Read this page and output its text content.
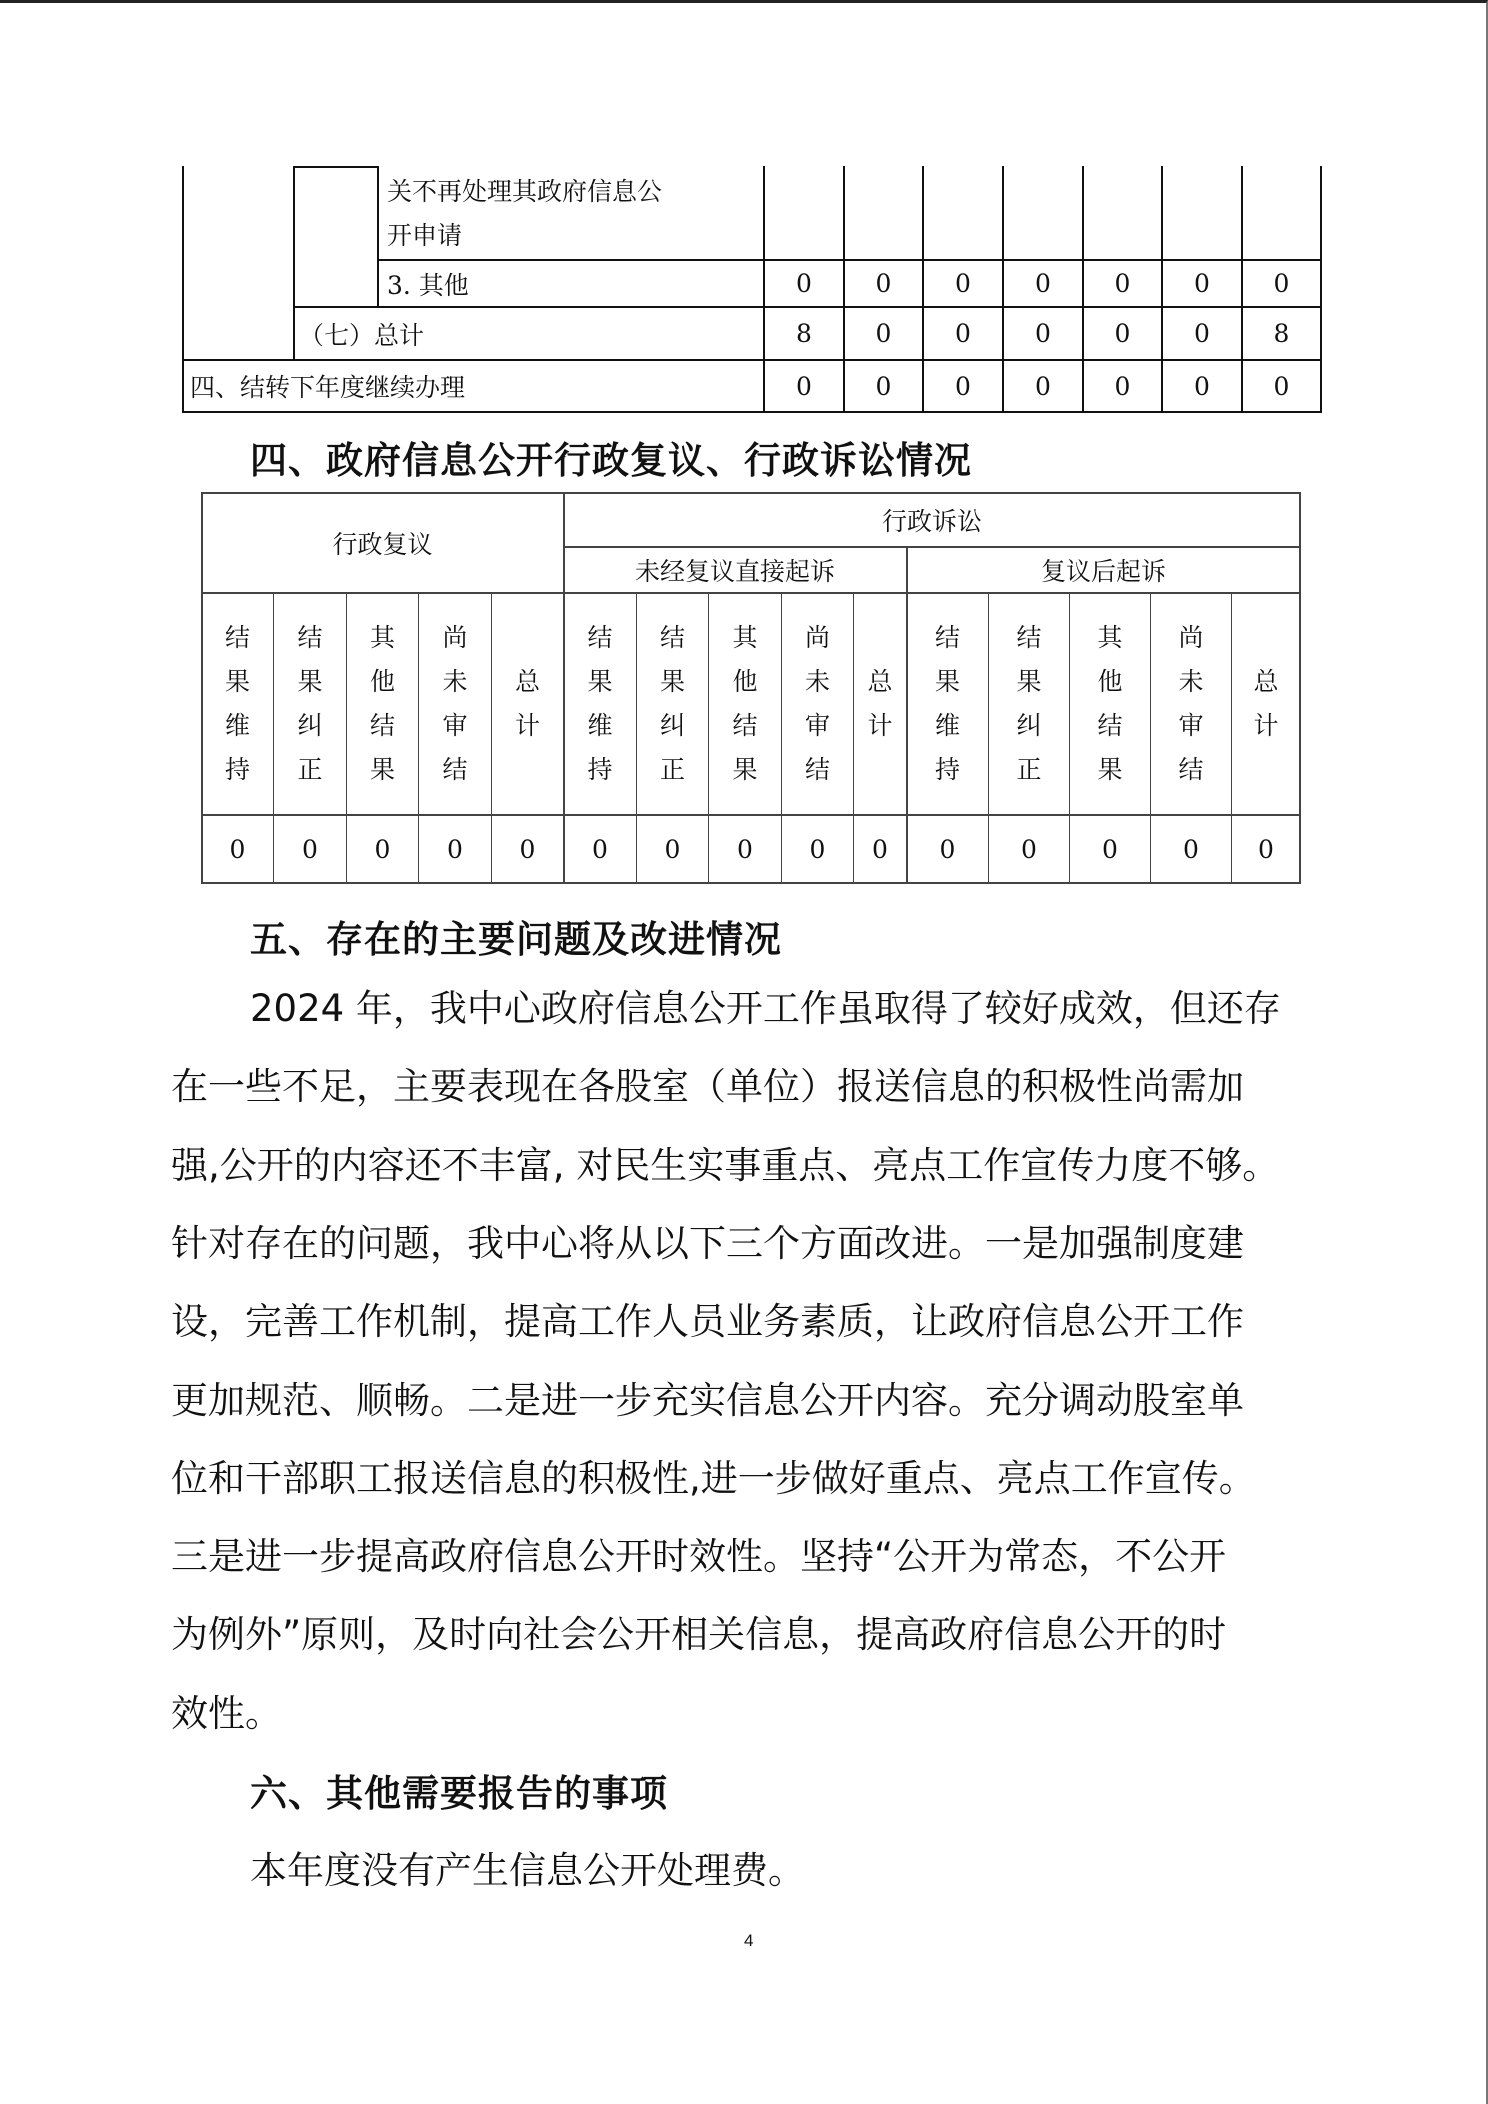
关不再处理其政府信息公
开申请
3. 其他
（七）总计
四、结转下年度继续办理
0	0	0	0	0	0	0
8	0	0	0	0	0	8
0	0	0	0	0	0	0
四、政府信息公开行政复议、行政诉讼情况
行政复议
行政诉讼
未经复议直接起诉	复议后起诉
结
果
维
持
0
结
果
纠
正
0
其
他
结
果
0
尚
未
审
结
0
总
计
0
结
果
维
持
0
结
果
纠
正
0
其
他
结
果
0
尚
未
审
结
0
总
计
0
结
果
维
持
0
结
果
纠
正
0
其
他
结
果
0
尚
未
审
结
0
总
计
0
五、存在的主要问题及改进情况
2024 年，我中心政府信息公开工作虽取得了较好成效，但还存
在一些不足，主要表现在各股室（单位）报送信息的积极性尚需加
强,公开的内容还不丰富, 对民生实事重点、亮点工作宣传力度不够。
针对存在的问题，我中心将从以下三个方面改进。一是加强制度建
设，完善工作机制，提高工作人员业务素质，让政府信息公开工作
更加规范、顺畅。二是进一步充实信息公开内容。充分调动股室单
位和干部职工报送信息的积极性,进一步做好重点、亮点工作宣传。
三是进一步提高政府信息公开时效性。坚持“公开为常态，不公开
为例外”原则，及时向社会公开相关信息，提高政府信息公开的时
效性。
六、其他需要报告的事项
本年度没有产生信息公开处理费。
4
